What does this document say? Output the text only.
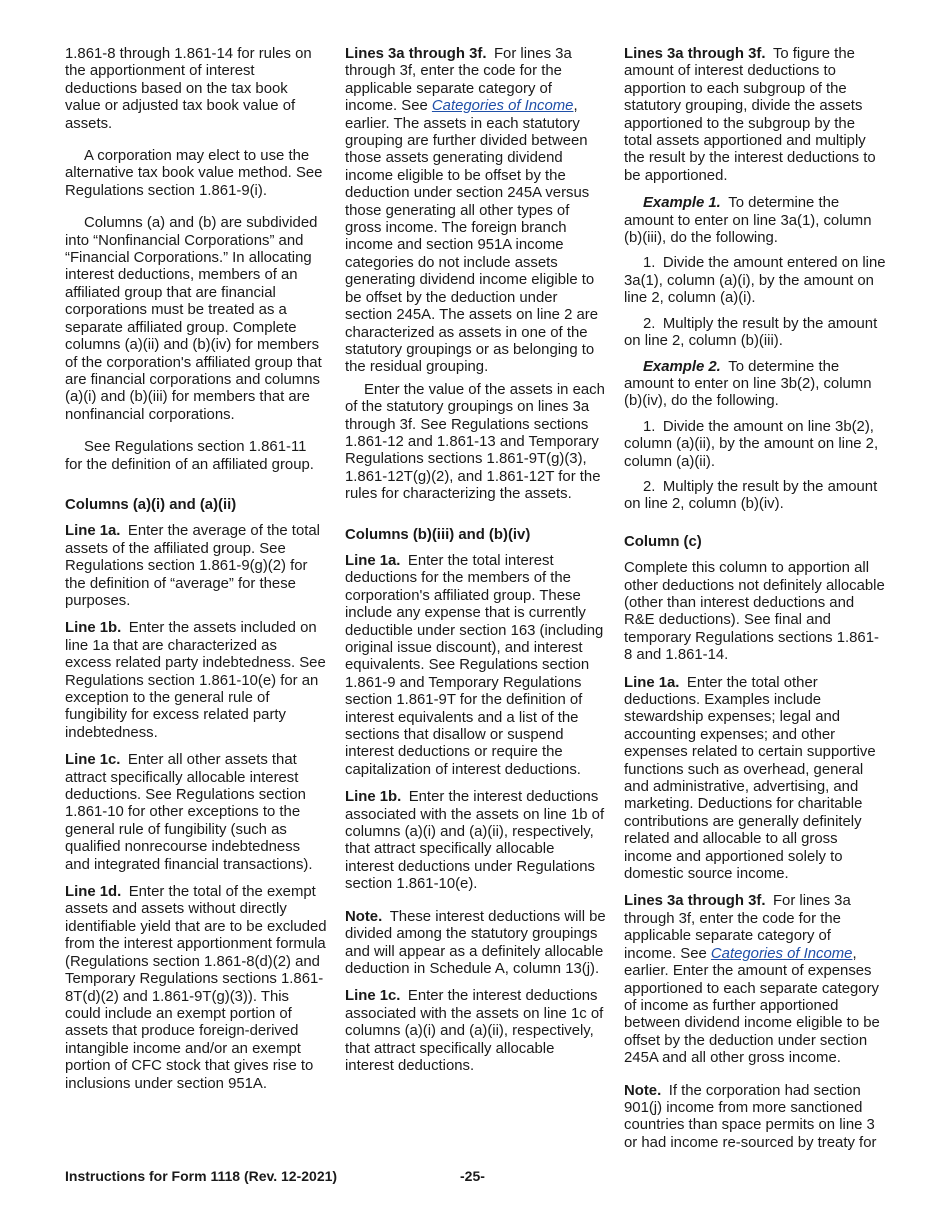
1.861-8 through 1.861-14 for rules on the apportionment of interest deductions based on the tax book value or adjusted tax book value of assets.

A corporation may elect to use the alternative tax book value method. See Regulations section 1.861-9(i).

Columns (a) and (b) are subdivided into “Nonfinancial Corporations” and “Financial Corporations.” In allocating interest deductions, members of an affiliated group that are financial corporations must be treated as a separate affiliated group. Complete columns (a)(ii) and (b)(iv) for members of the corporation's affiliated group that are financial corporations and columns (a)(i) and (b)(iii) for members that are nonfinancial corporations.

See Regulations section 1.861-11 for the definition of an affiliated group.

Columns (a)(i) and (a)(ii)

Line 1a.  Enter the average of the total assets of the affiliated group. See Regulations section 1.861-9(g)(2) for the definition of “average” for these purposes.

Line 1b.  Enter the assets included on line 1a that are characterized as excess related party indebtedness. See Regulations section 1.861-10(e) for an exception to the general rule of fungibility for excess related party indebtedness.

Line 1c.  Enter all other assets that attract specifically allocable interest deductions. See Regulations section 1.861-10 for other exceptions to the general rule of fungibility (such as qualified nonrecourse indebtedness and integrated financial transactions).

Line 1d.  Enter the total of the exempt assets and assets without directly identifiable yield that are to be excluded from the interest apportionment formula (Regulations section 1.861-8(d)(2) and Temporary Regulations sections 1.861-8T(d)(2) and 1.861-9T(g)(3)). This could include an exempt portion of assets that produce foreign-derived intangible income and/or an exempt portion of CFC stock that gives rise to inclusions under section 951A.

Lines 3a through 3f.  For lines 3a through 3f, enter the code for the applicable separate category of income. See Categories of Income, earlier. The assets in each statutory grouping are further divided between those assets generating dividend income eligible to be offset by the deduction under section 245A versus those generating all other types of gross income. The foreign branch income and section 951A income categories do not include assets generating dividend income eligible to be offset by the deduction under section 245A. The assets on line 2 are characterized as assets in one of the statutory groupings or as belonging to the residual grouping.

Enter the value of the assets in each of the statutory groupings on lines 3a through 3f. See Regulations sections 1.861-12 and 1.861-13 and Temporary Regulations sections 1.861-9T(g)(3), 1.861-12T(g)(2), and 1.861-12T for the rules for characterizing the assets.

Columns (b)(iii) and (b)(iv)

Line 1a.  Enter the total interest deductions for the members of the corporation's affiliated group. These include any expense that is currently deductible under section 163 (including original issue discount), and interest equivalents. See Regulations section 1.861-9 and Temporary Regulations section 1.861-9T for the definition of interest equivalents and a list of the sections that disallow or suspend interest deductions or require the capitalization of interest deductions.

Line 1b.  Enter the interest deductions associated with the assets on line 1b of columns (a)(i) and (a)(ii), respectively, that attract specifically allocable interest deductions under Regulations section 1.861-10(e).

Note.  These interest deductions will be divided among the statutory groupings and will appear as a definitely allocable deduction in Schedule A, column 13(j).

Line 1c.  Enter the interest deductions associated with the assets on line 1c of columns (a)(i) and (a)(ii), respectively, that attract specifically allocable interest deductions.

Lines 3a through 3f.  To figure the amount of interest deductions to apportion to each subgroup of the statutory grouping, divide the assets apportioned to the subgroup by the total assets apportioned and multiply the result by the interest deductions to be apportioned.

Example 1.  To determine the amount to enter on line 3a(1), column (b)(iii), do the following.

1. Divide the amount entered on line 3a(1), column (a)(i), by the amount on line 2, column (a)(i).

2. Multiply the result by the amount on line 2, column (b)(iii).

Example 2.  To determine the amount to enter on line 3b(2), column (b)(iv), do the following.

1. Divide the amount on line 3b(2), column (a)(ii), by the amount on line 2, column (a)(ii).

2. Multiply the result by the amount on line 2, column (b)(iv).

Column (c)

Complete this column to apportion all other deductions not definitely allocable (other than interest deductions and R&E deductions). See final and temporary Regulations sections 1.861-8 and 1.861-14.

Line 1a.  Enter the total other deductions. Examples include stewardship expenses; legal and accounting expenses; and other expenses related to certain supportive functions such as overhead, general and administrative, advertising, and marketing. Deductions for charitable contributions are generally definitely related and allocable to all gross income and apportioned solely to domestic source income.

Lines 3a through 3f.  For lines 3a through 3f, enter the code for the applicable separate category of income. See Categories of Income, earlier. Enter the amount of expenses apportioned to each separate category of income as further apportioned between dividend income eligible to be offset by the deduction under section 245A and all other gross income.

Note.  If the corporation had section 901(j) income from more sanctioned countries than space permits on line 3 or had income re-sourced by treaty for

Instructions for Form 1118 (Rev. 12-2021)	-25-
